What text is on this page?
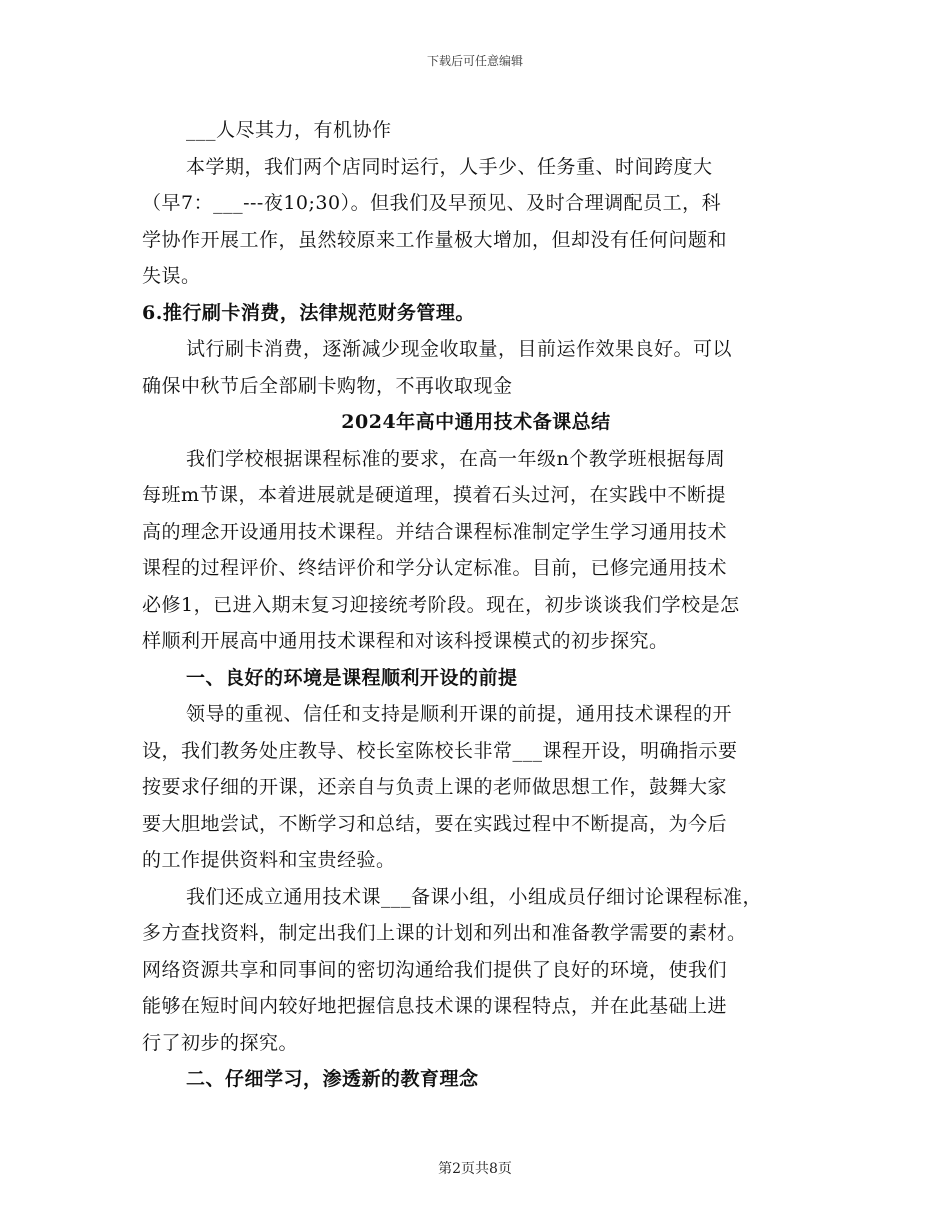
下载后可任意编辑
___人尽其力，有机协作
本学期，我们两个店同时运行，人手少、任务重、时间跨度大
（早7：___---夜10;30）。但我们及早预见、及时合理调配员工，科
学协作开展工作，虽然较原来工作量极大增加，但却没有任何问题和
失误。
6.推行刷卡消费，法律规范财务管理。
试行刷卡消费，逐渐减少现金收取量，目前运作效果良好。可以
确保中秋节后全部刷卡购物，不再收取现金
2024年高中通用技术备课总结
我们学校根据课程标准的要求，在高一年级n个教学班根据每周
每班m节课，本着进展就是硬道理，摸着石头过河，在实践中不断提
高的理念开设通用技术课程。并结合课程标准制定学生学习通用技术
课程的过程评价、终结评价和学分认定标准。目前，已修完通用技术
必修1，已进入期末复习迎接统考阶段。现在，初步谈谈我们学校是怎
样顺利开展高中通用技术课程和对该科授课模式的初步探究。
一、良好的环境是课程顺利开设的前提
领导的重视、信任和支持是顺利开课的前提，通用技术课程的开
设，我们教务处庄教导、校长室陈校长非常___课程开设，明确指示要
按要求仔细的开课，还亲自与负责上课的老师做思想工作，鼓舞大家
要大胆地尝试，不断学习和总结，要在实践过程中不断提高，为今后
的工作提供资料和宝贵经验。
我们还成立通用技术课___备课小组，小组成员仔细讨论课程标准，
多方查找资料，制定出我们上课的计划和列出和准备教学需要的素材。
网络资源共享和同事间的密切沟通给我们提供了良好的环境，使我们
能够在短时间内较好地把握信息技术课的课程特点，并在此基础上进
行了初步的探究。
二、仔细学习，渗透新的教育理念
第2页共8页
